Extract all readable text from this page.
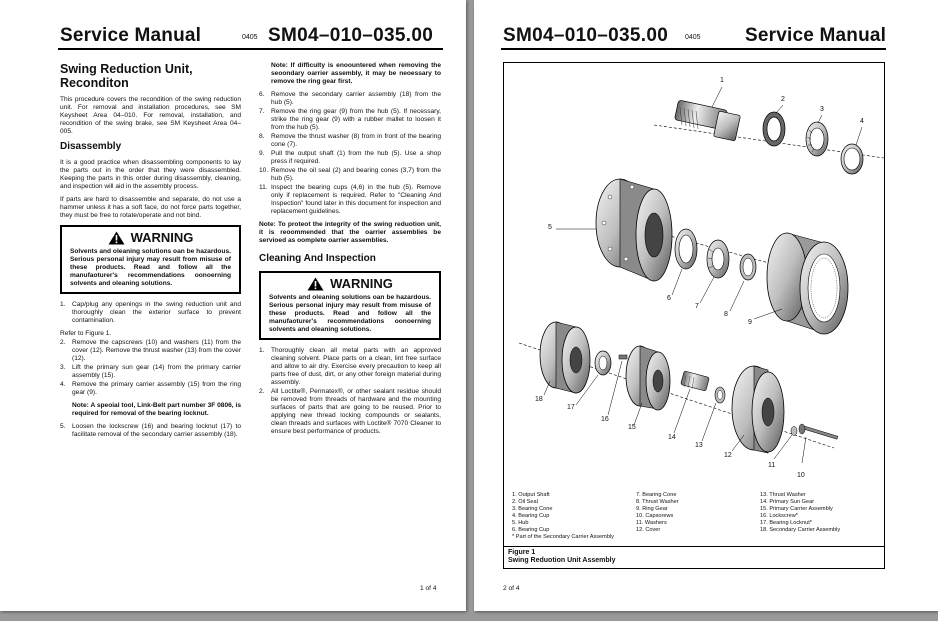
Service Manual	0405 SM04–010–035.00
Swing Reduction Unit, Reconditon

This procedure covers the recondition of the swing reduction unit. For removal and installation procedures, see SM Keysheet Area 04–010. For removal, installation, and recondition of the swing brake, see SM Keysheet Area 04–005.

Disassembly

It is a good practice when disassembling components to lay the parts out in the order that they were disassembled. Keeping the parts in this order during disassembly, cleaning, and inspection will aid in the assembly process.

If parts are hard to disassemble and separate, do not use a hammer unless it has a soft face, do not force parts together, they must be free to rotate/operate and not bind.

WARNING
Solvents and oleaning solutions oan be hazardous. Serious personal injury may result from misuse of these products. Read and follow all the manufaoturer's recommendations oonoerning solvents and oleaning solutions.
1. Cap/plug any openings in the swing reduction unit and thoroughly clean the exterior surface to prevent contamination.

Refer to Figure 1.

2. Remove the capscrews (10) and washers (11) from the cover (12). Remove the thrust washer (13) from the cover (12).
3. Lift the primary sun gear (14) from the primary carrier assembly (15).
4. Remove the primary carrier assembly (15) from the ring gear (9).
Note: A speoial tool, Link-Belt part number 3F 0806, is required for removal of the bearing locknut.
5. Loosen the lockscrew (16) and bearing locknut (17) to facilitate removal of the secondary carrier assembly (18).
Note: If difficulty is enoountered when removing the seoondary oarrier assembly, it may be neoessary to remove the ring gear first.
6. Remove the secondary carrier assembly (18) from the hub (5).
7. Remove the ring gear (9) from the hub (5). If necessary, strike the ring gear (9) with a rubber mallet to loosen it from the hub (5).
8. Remove the thrust washer (8) from in front of the bearing cone (7).
9. Pull the output shaft (1) from the hub (5). Use a shop press if required.
10. Remove the oil seal (2) and bearing cones (3,7) from the hub (5).
11. Inspect the bearing cups (4,6) in the hub (5). Remove only if replacement is required. Refer to "Cleaning And Inspection" found later in this document for inspection and replacement guidelines.
Note: To proteot the integrity of the swing reduotion unit, it is reoommended that the oarrier assemblies be servioed as oomplete oarrier assemblies.
Cleaning And Inspection
WARNING
Solvents and oleaning solutions oan be hazardous. Serious personal injury may result from misuse of these products. Read and follow all the manufaoturer's recommendations oonoerning solvents and oleaning solutions.
1. Thoroughly clean all metal parts with an approved cleaning solvent. Place parts on a clean, lint free surface and allow to air dry. Exercise every precaution to keep all parts free of dust, dirt, or any other foreign material during assembly.
2. All Loctite®, Permatex®, or other sealant residue should be removed from threads of hardware and the mounting surfaces of parts that are going to be reused. Prior to applying new thread locking compounds or sealants, clean threads and surfaces with Loctite® 7070 Cleaner to ensure best performance of products.
1 of 4
SM04–010–035.00 0405 Service Manual
1
2
3
4
5
6
7
8
9
10
11
12
13
14
15
16
17
18
1. Output Shaft
2. Oil Seal
3. Bearing Cone
4. Bearing Cup
5. Hub
6. Bearing Cup
* Part of the Secondary Carrier Assembly
7. Bearing Cone
8. Thrust Washer
9. Ring Gear
10. Capsorews
11. Washers
12. Cover
13. Thrust Washer
14. Primary Sun Gear
15. Primary Carrier Assembly
16. Lockscrew*
17. Bearing Locknut*
18. Secondary Carrier Assembly
Figure 1
Swing Reduotion Unit Assembly
2 of 4
